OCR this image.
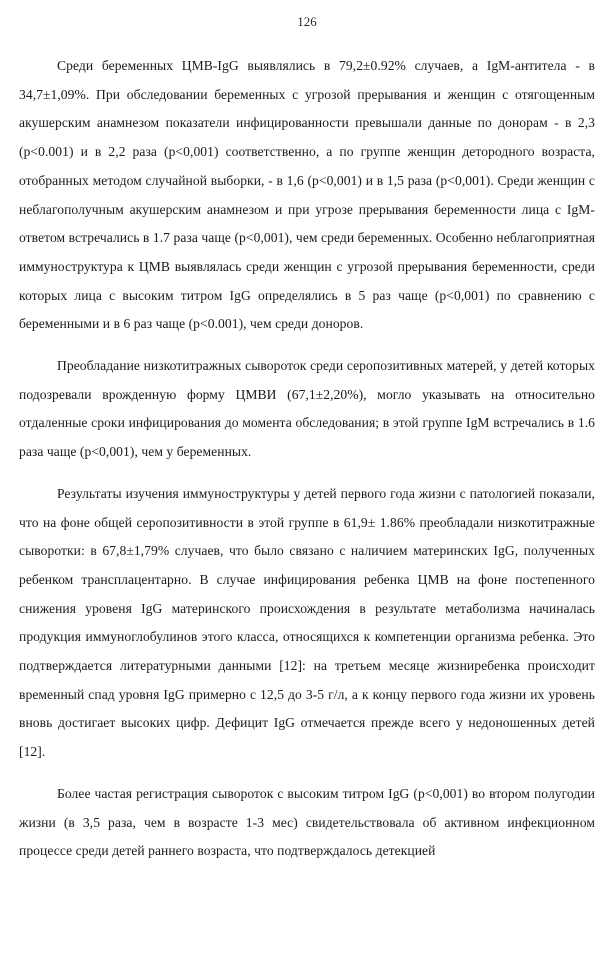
126

Среди беременных ЦМВ-IgG выявлялись в 79,2±0.92% случаев, а IgM-антитела - в 34,7±1,09%. При обследовании беременных с угрозой прерывания и женщин с отягощенным акушерским анамнезом показатели инфицированности превышали данные по донорам - в 2,3 (р<0.001) и в 2,2 раза (р<0,001) соответственно, а по группе женщин детородного возраста, отобранных методом случайной выборки, - в 1,6 (р<0,001) и в 1,5 раза (р<0,001). Среди женщин с неблагополучным акушерским анамнезом и при угрозе прерывания беременности лица с IgM-ответом встречались в 1.7 раза чаще (р<0,001), чем среди беременных. Особенно неблагоприятная иммуноструктура к ЦМВ выявлялась среди женщин с угрозой прерывания беременности, среди которых лица с высоким титром IgG определялись в 5 раз чаще (р<0,001) по сравнению с беременными и в 6 раз чаще (р<0.001), чем среди доноров.

Преобладание низкотитражных сывороток среди серопозитивных матерей, у детей которых подозревали врожденную форму ЦМВИ (67,1±2,20%), могло указывать на относительно отдаленные сроки инфицирования до момента обследования; в этой группе IgM встречались в 1.6 раза чаще (р<0,001), чем у беременных.

Результаты изучения иммуноструктуры у детей первого года жизни с патологией показали, что на фоне общей серопозитивности в этой группе в 61,9± 1.86% преобладали низкотитражные сыворотки: в 67,8±1,79% случаев, что было связано с наличием материнских IgG, полученных ребенком трансплацентарно. В случае инфицирования ребенка ЦМВ на фоне постепенного снижения уровеня IgG материнского происхождения в результате метаболизма начиналась продукция иммуноглобулинов этого класса, относящихся к компетенции организма ребенка. Это подтверждается литературными данными [12]: на третьем месяце жизниребенка происходит временный спад уровня IgG примерно с 12,5 до 3-5 г/л, а к концу первого года жизни их уровень вновь достигает высоких цифр. Дефицит IgG отмечается прежде всего у недоношенных детей [12].

Более частая регистрация сывороток с высоким титром IgG (р<0,001) во втором полугодии жизни (в 3,5 раза, чем в возрасте 1-3 мес) свидетельствовала об активном инфекционном процессе среди детей раннего возраста, что подтверждалось детекцией
